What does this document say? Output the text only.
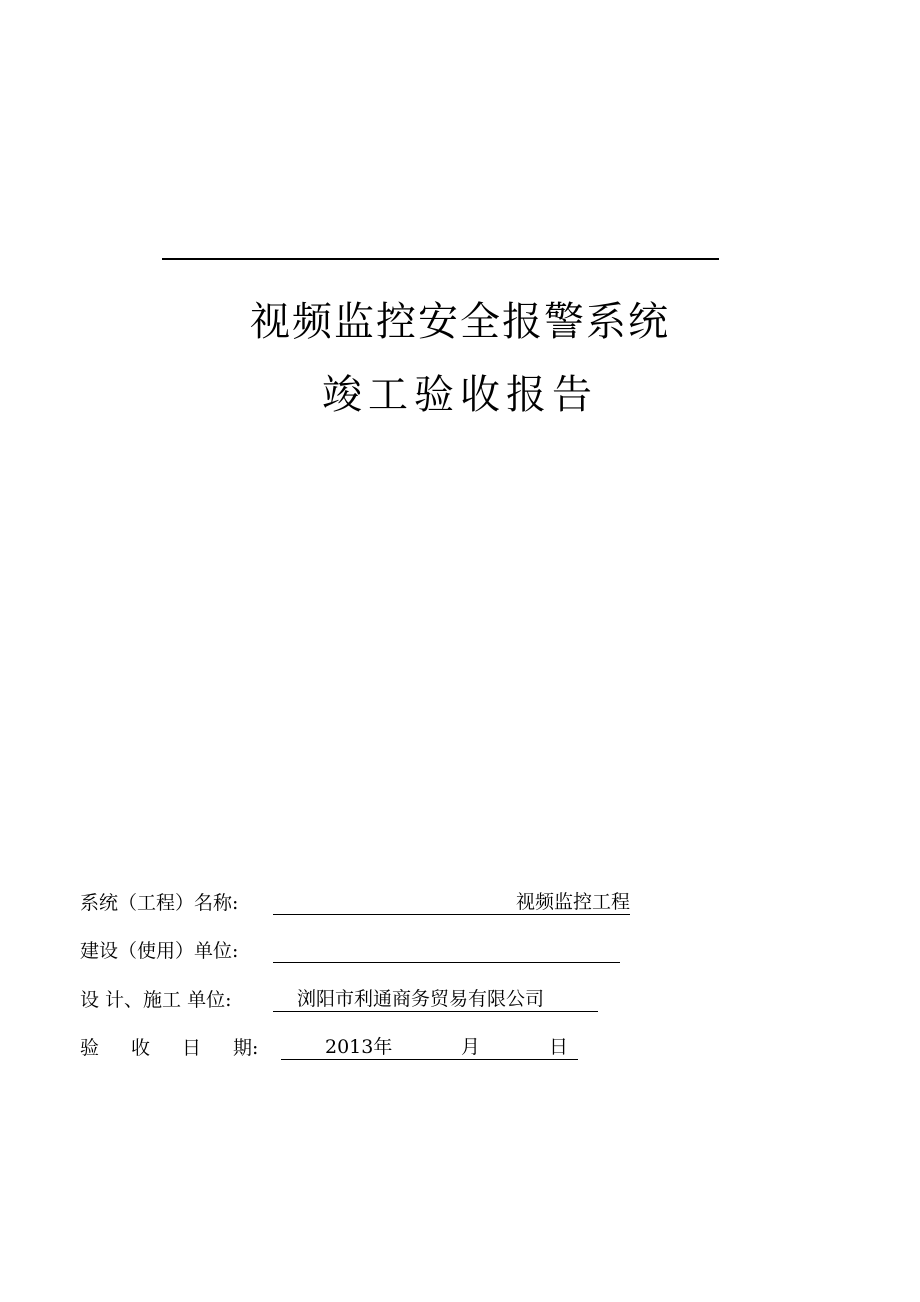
视频监控安全报警系统
竣工验收报告
系统（工程）名称:	视频监控工程
建设（使用）单位:
设 计、施工 单位:	浏阳市利通商务贸易有限公司
验 收 日 期:	2013年	月	日
